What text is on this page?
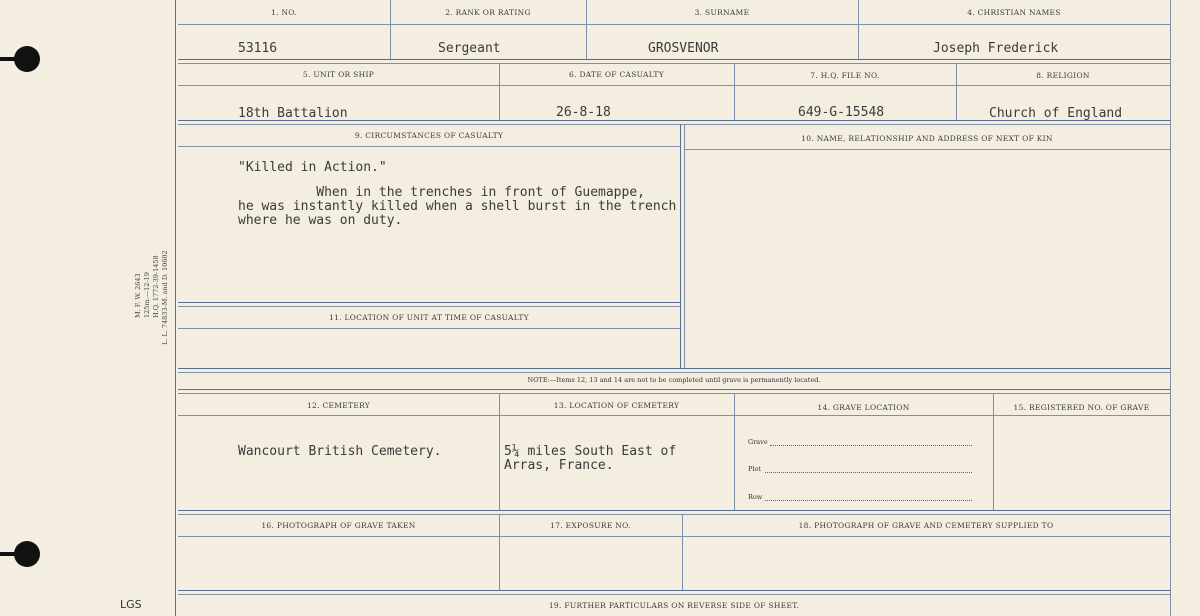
M. F. W. 2643 125m.—12-19 H.Q. 1772-39-1458 L. L. 74833-M. and D. 10602
LGS
1. NO.	2. RANK OR RATING	3. SURNAME	4. CHRISTIAN NAMES
53116	Sergeant	GROSVENOR	Joseph Frederick
5. UNIT OR SHIP	6. DATE OF CASUALTY	7. H.Q. FILE NO.	8. RELIGION
18th Battalion	26-8-18	649-G-15548	Church of England
9. CIRCUMSTANCES OF CASUALTY	10. NAME, RELATIONSHIP AND ADDRESS OF NEXT OF KIN
"Killed in Action."
When in the trenches in front of Guemappe,
he was instantly killed when a shell burst in the trench
where he was on duty.
11. LOCATION OF UNIT AT TIME OF CASUALTY
NOTE:—Items 12, 13 and 14 are not to be completed until grave is permanently located.
12. CEMETERY	13. LOCATION OF CEMETERY	14. GRAVE LOCATION	15. REGISTERED NO. OF GRAVE
Wancourt British Cemetery.	5¼ miles South East of
Arras, France.
Grave
Plot
Row
16. PHOTOGRAPH OF GRAVE TAKEN	17. EXPOSURE NO.	18. PHOTOGRAPH OF GRAVE AND CEMETERY SUPPLIED TO
19. FURTHER PARTICULARS ON REVERSE SIDE OF SHEET.
